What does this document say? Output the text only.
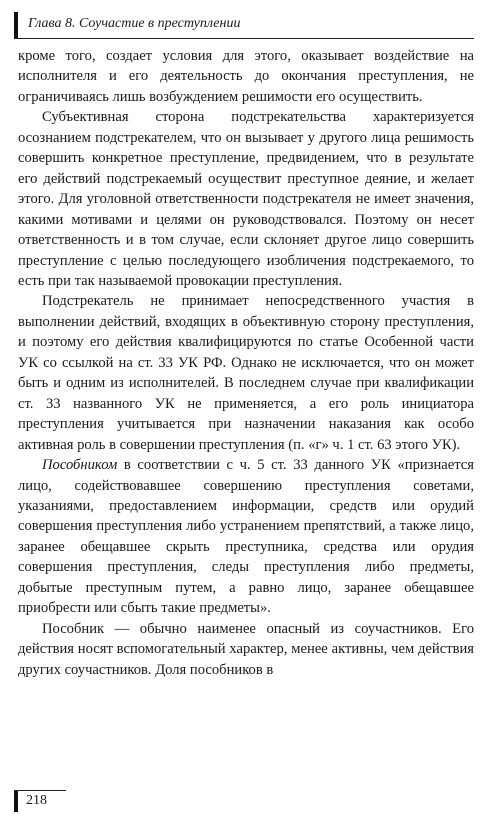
Глава 8. Соучастие в преступлении

кроме того, создает условия для этого, оказывает воздействие на исполнителя и его деятельность до окончания преступления, не ограничиваясь лишь возбуждением решимости его осуществить.

Субъективная сторона подстрекательства характеризуется осознанием подстрекателем, что он вызывает у другого лица решимость совершить конкретное преступление, предвидением, что в результате его действий подстрекаемый осуществит преступное деяние, и желает этого. Для уголовной ответственности подстрекателя не имеет значения, какими мотивами и целями он руководствовался. Поэтому он несет ответственность и в том случае, если склоняет другое лицо совершить преступление с целью последующего изобличения подстрекаемого, то есть при так называемой провокации преступления.

Подстрекатель не принимает непосредственного участия в выполнении действий, входящих в объективную сторону преступления, и поэтому его действия квалифицируются по статье Особенной части УК со ссылкой на ст. 33 УК РФ. Однако не исключается, что он может быть и одним из исполнителей. В последнем случае при квалификации ст. 33 названного УК не применяется, а его роль инициатора преступления учитывается при назначении наказания как особо активная роль в совершении преступления (п. «г» ч. 1 ст. 63 этого УК).

Пособником в соответствии с ч. 5 ст. 33 данного УК «признается лицо, содействовавшее совершению преступления советами, указаниями, предоставлением информации, средств или орудий совершения преступления либо устранением препятствий, а также лицо, заранее обещавшее скрыть преступника, средства или орудия совершения преступления, следы преступления либо предметы, добытые преступным путем, а равно лицо, заранее обещавшее приобрести или сбыть такие предметы».

Пособник — обычно наименее опасный из соучастников. Его действия носят вспомогательный характер, менее активны, чем действия других соучастников. Доля пособников в

218
